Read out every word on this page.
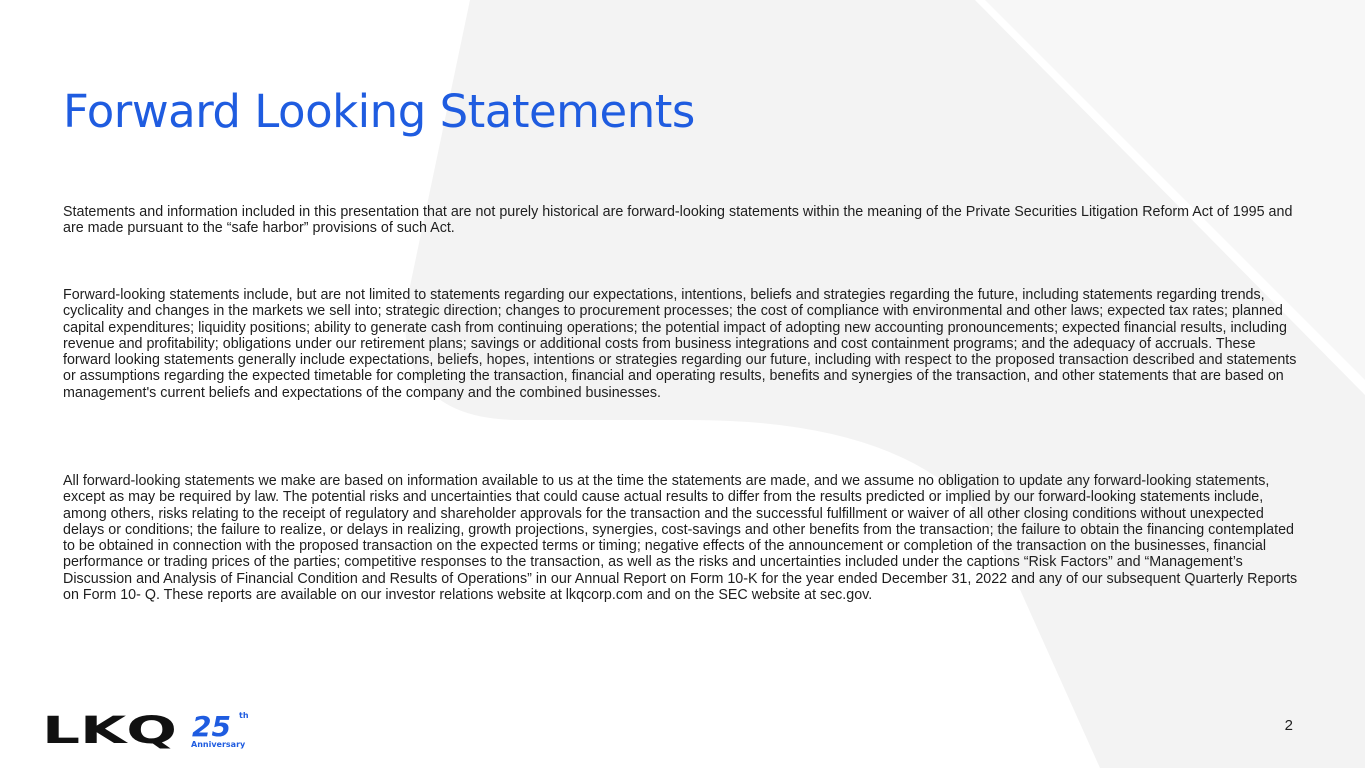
Forward Looking Statements

Statements and information included in this presentation that are not purely historical are forward-looking statements within the meaning of the Private Securities Litigation Reform Act of 1995 and are made pursuant to the “safe harbor” provisions of such Act.

Forward-looking statements include, but are not limited to statements regarding our expectations, intentions, beliefs and strategies regarding the future, including statements regarding trends, cyclicality and changes in the markets we sell into; strategic direction; changes to procurement processes; the cost of compliance with environmental and other laws; expected tax rates; planned capital expenditures; liquidity positions; ability to generate cash from continuing operations; the potential impact of adopting new accounting pronouncements; expected financial results, including revenue and profitability; obligations under our retirement plans; savings or additional costs from business integrations and cost containment programs; and the adequacy of accruals. These forward looking statements generally include expectations, beliefs, hopes, intentions or strategies regarding our future, including with respect to the proposed transaction described and statements or assumptions regarding the expected timetable for completing the transaction, financial and operating results, benefits and synergies of the transaction, and other statements that are based on management's current beliefs and expectations of the company and the combined businesses.

All forward-looking statements we make are based on information available to us at the time the statements are made, and we assume no obligation to update any forward-looking statements, except as may be required by law. The potential risks and uncertainties that could cause actual results to differ from the results predicted or implied by our forward-looking statements include, among others, risks relating to the receipt of regulatory and shareholder approvals for the transaction and the successful fulfillment or waiver of all other closing conditions without unexpected delays or conditions; the failure to realize, or delays in realizing, growth projections, synergies, cost-savings and other benefits from the transaction; the failure to obtain the financing contemplated to be obtained in connection with the proposed transaction on the expected terms or timing; negative effects of the announcement or completion of the transaction on the businesses, financial performance or trading prices of the parties; competitive responses to the transaction, as well as the risks and uncertainties included under the captions “Risk Factors” and “Management’s Discussion and Analysis of Financial Condition and Results of Operations” in our Annual Report on Form 10-K for the year ended December 31, 2022 and any of our subsequent Quarterly Reports on Form 10- Q. These reports are available on our investor relations website at lkqcorp.com and on the SEC website at sec.gov.

LKQ 25 th
Anniversary
2
